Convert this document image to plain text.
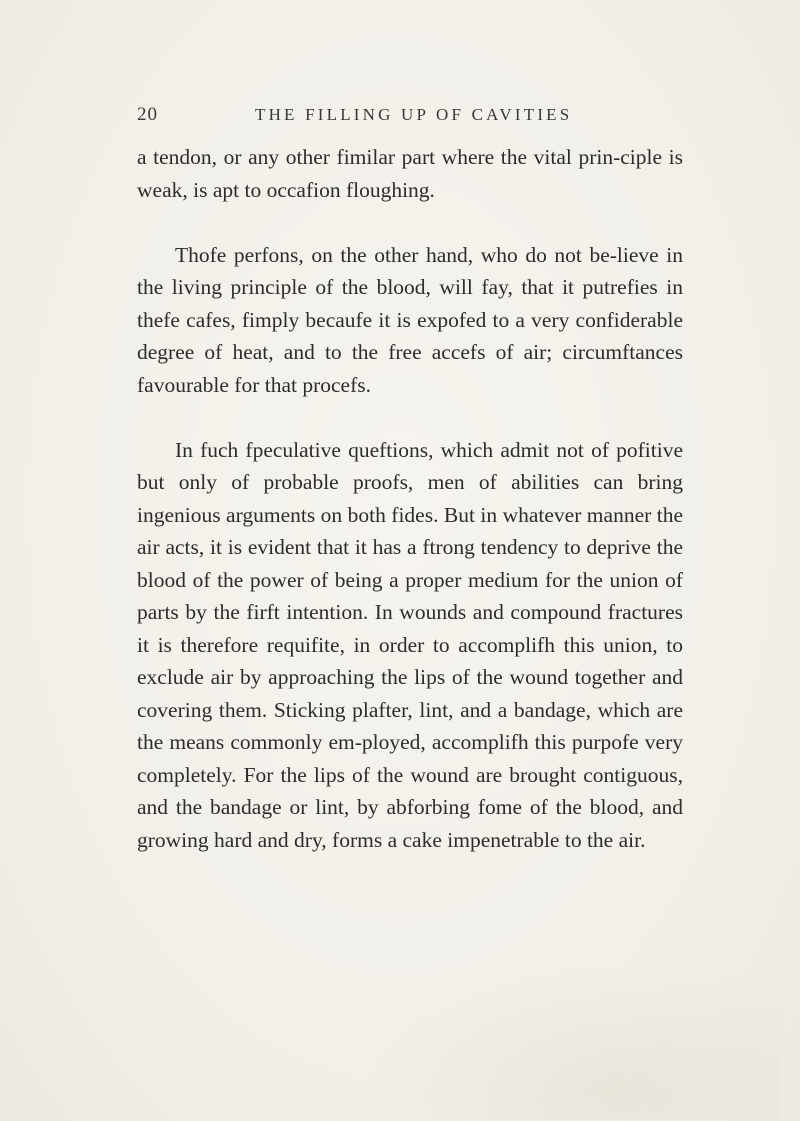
20	THE FILLING UP OF CAVITIES

a tendon, or any other fimilar part where the vital prin-ciple is weak, is apt to occafion floughing.

Thofe perfons, on the other hand, who do not be-lieve in the living principle of the blood, will fay, that it putrefies in thefe cafes, fimply becaufe it is expofed to a very confiderable degree of heat, and to the free accefs of air; circumftances favourable for that procefs.

In fuch fpeculative queftions, which admit not of pofitive but only of probable proofs, men of abilities can bring ingenious arguments on both fides. But in whatever manner the air acts, it is evident that it has a ftrong tendency to deprive the blood of the power of being a proper medium for the union of parts by the firft intention. In wounds and compound fractures it is therefore requifite, in order to accomplifh this union, to exclude air by approaching the lips of the wound together and covering them. Sticking plafter, lint, and a bandage, which are the means commonly em-ployed, accomplifh this purpofe very completely. For the lips of the wound are brought contiguous, and the bandage or lint, by abforbing fome of the blood, and growing hard and dry, forms a cake impenetrable to the air.
